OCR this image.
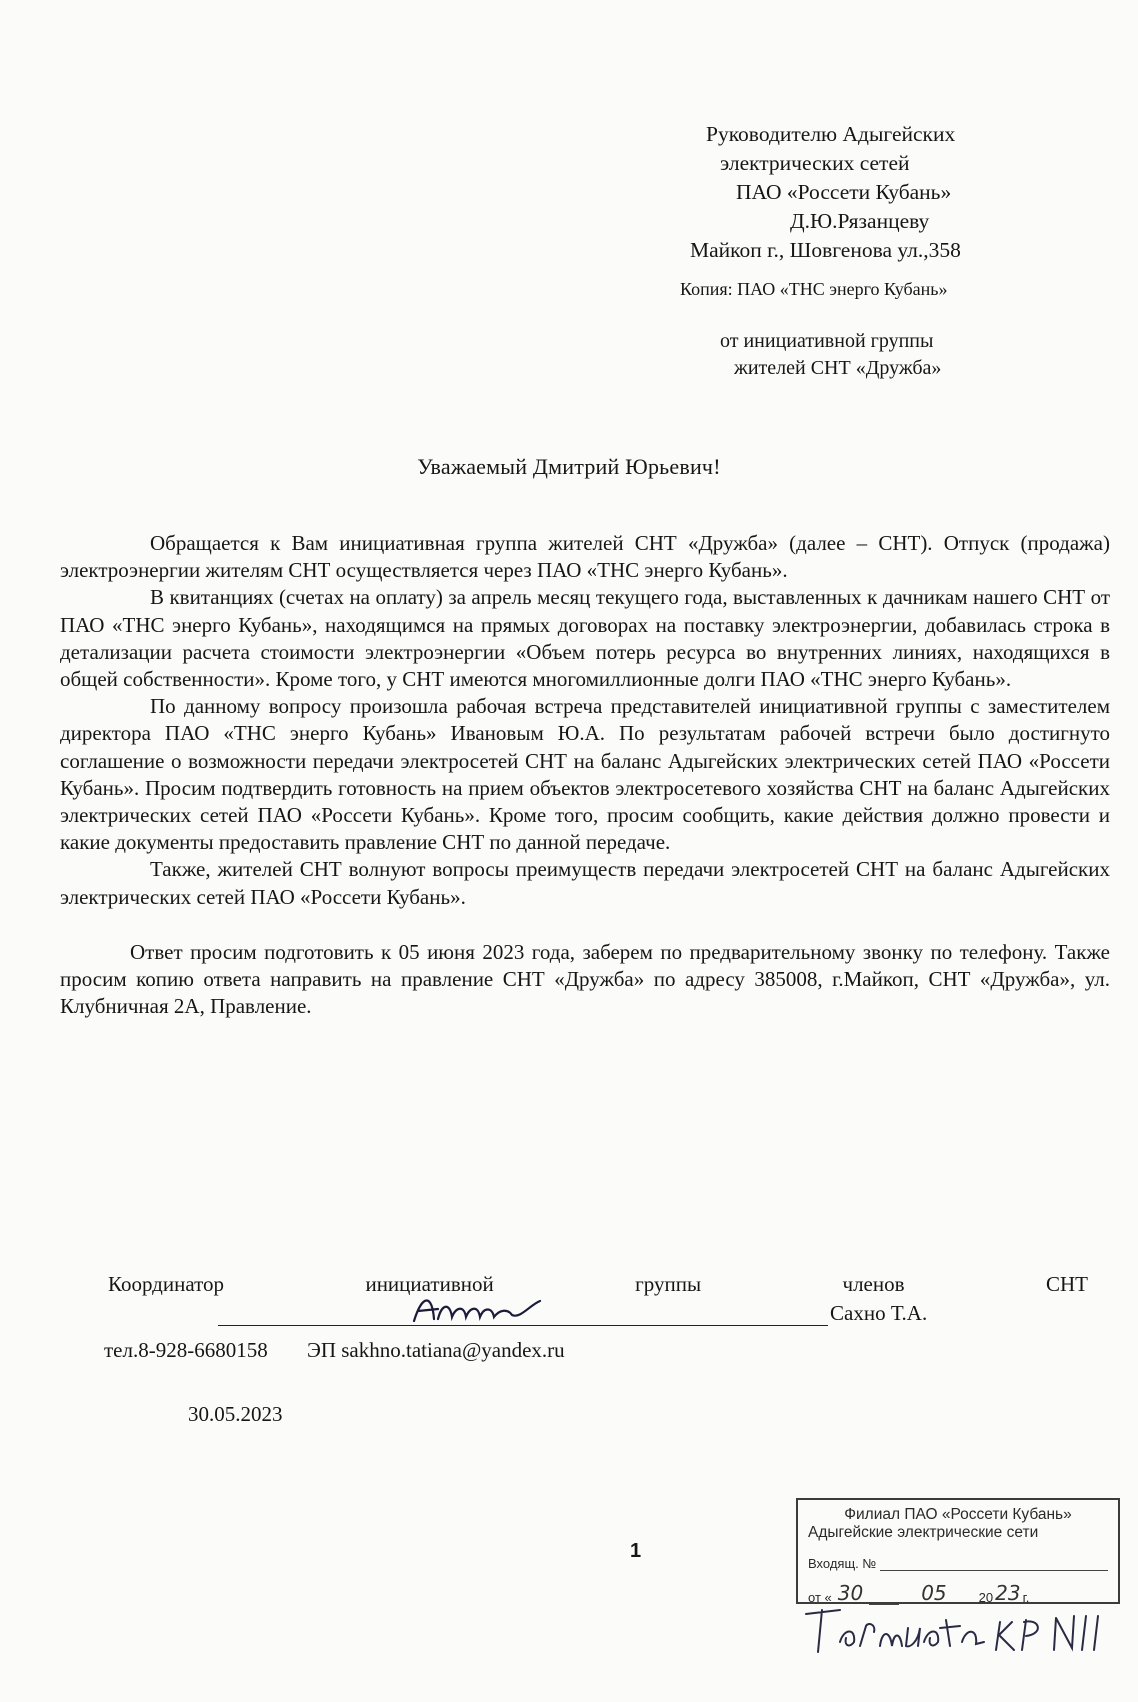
Руководителю Адыгейских
электрических сетей
ПАО «Россети Кубань»
Д.Ю.Рязанцеву
Майкоп г., Шовгенова ул.,358
Копия: ПАО «ТНС энерго Кубань»
от инициативной группы
жителей СНТ «Дружба»
Уважаемый Дмитрий Юрьевич!

Обращается к Вам инициативная группа жителей СНТ «Дружба» (далее – СНТ). Отпуск (продажа) электроэнергии жителям СНТ осуществляется через ПАО «ТНС энерго Кубань».

В квитанциях (счетах на оплату) за апрель месяц текущего года, выставленных к дачникам нашего СНТ от ПАО «ТНС энерго Кубань», находящимся на прямых договорах на поставку электроэнергии, добавилась строка в детализации расчета стоимости электроэнергии «Объем потерь ресурса во внутренних линиях, находящихся в общей собственности». Кроме того, у СНТ имеются многомиллионные долги ПАО «ТНС энерго Кубань».

По данному вопросу произошла рабочая встреча представителей инициативной группы с заместителем директора ПАО «ТНС энерго Кубань» Ивановым Ю.А. По результатам рабочей встречи было достигнуто соглашение о возможности передачи электросетей СНТ на баланс Адыгейских электрических сетей ПАО «Россети Кубань». Просим подтвердить готовность на прием объектов электросетевого хозяйства СНТ на баланс Адыгейских электрических сетей ПАО «Россети Кубань». Кроме того, просим сообщить, какие действия должно провести и какие документы предоставить правление СНТ по данной передаче.

Также, жителей СНТ волнуют вопросы преимуществ передачи электросетей СНТ на баланс Адыгейских электрических сетей ПАО «Россети Кубань».

Ответ просим подготовить к 05 июня 2023 года, заберем по предварительному звонку по телефону. Также просим копию ответа направить на правление СНТ «Дружба» по адресу 385008, г.Майкоп, СНТ «Дружба», ул. Клубничная 2А, Правление.

Координатор	инициативной	группы	членов	СНТ
Сахно Т.А.
тел.8-928-6680158 ЭП sakhno.tatiana@yandex.ru
30.05.2023
1
Филиал ПАО «Россети Кубань»
Адыгейские электрические сети
Входящ. №
от « 30	05 20 23 г.
